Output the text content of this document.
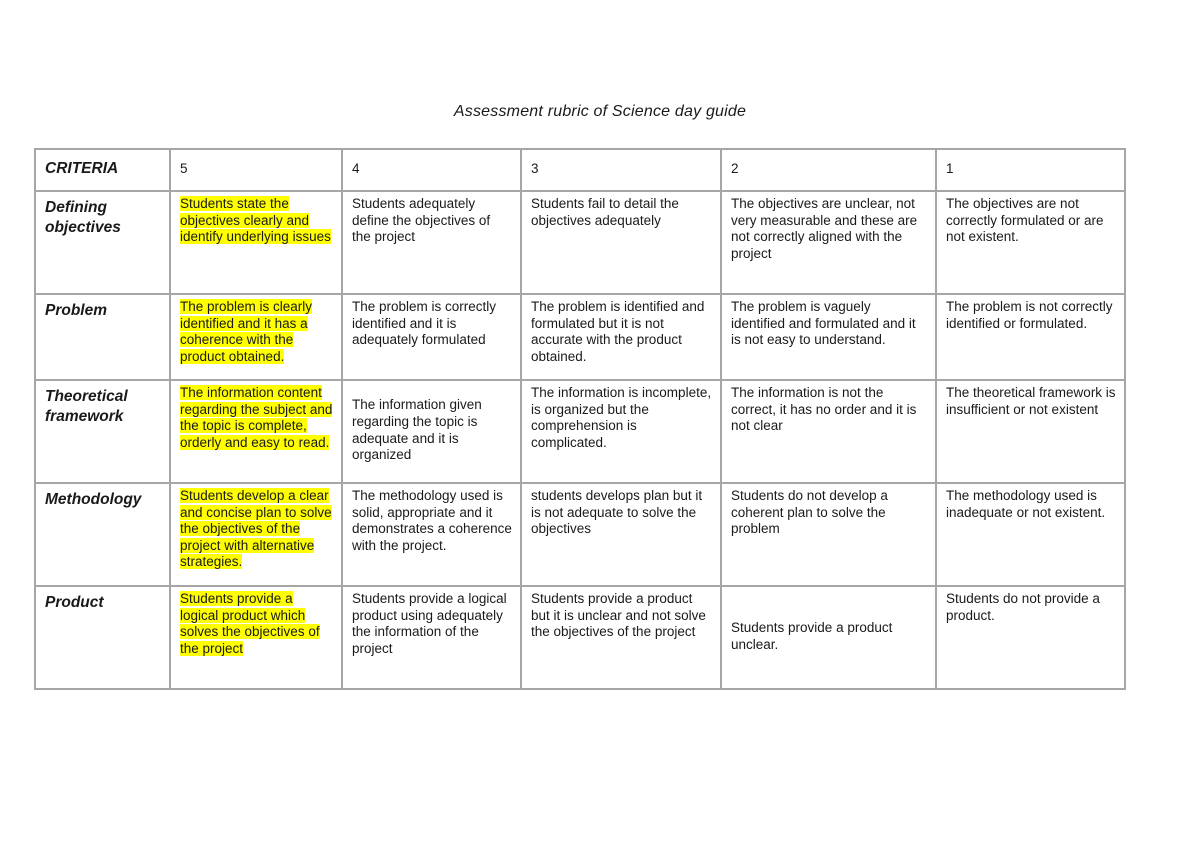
Assessment rubric of Science day guide
CRITERIA	5	4	3	2	1

Defining objectives	Students state the objectives clearly and identify underlying issues	Students adequately define the objectives of the project	Students fail to detail the objectives adequately	The objectives are unclear, not very measurable and these are not correctly aligned with the project	The objectives are not correctly formulated or are not existent.

Problem	The problem is clearly identified and it has a coherence with the product obtained.	The problem is correctly identified and it is adequately formulated	The problem is identified and formulated but it is not accurate with the product obtained.	The problem is vaguely identified and formulated and it is not easy to understand.	The problem is not correctly identified or formulated.

Theoretical framework	The information content regarding the subject and the topic is complete, orderly and easy to read.	The information given regarding the topic is adequate and it is organized	The information is incomplete, is organized but the comprehension is complicated.	The information is not the correct, it has no order and it is not clear	The theoretical framework is insufficient or not existent

Methodology	Students develop a clear and concise plan to solve the objectives of the project with alternative strategies.	The methodology used is solid, appropriate and it demonstrates a coherence with the project.	students develops plan but it is not adequate to solve the objectives	Students do not develop a coherent plan to solve the problem	The methodology used is inadequate or not existent.

Product	Students provide a logical product which solves the objectives of the project	Students provide a logical product using adequately the information of the project	Students provide a product but it is unclear and not solve the objectives of the project	Students provide a product unclear.	Students do not provide a product.
